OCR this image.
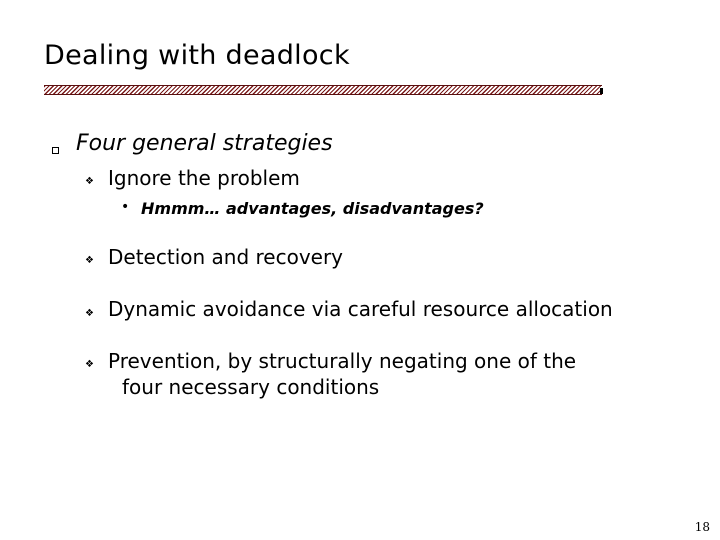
Dealing with deadlock
Four general strategies
❖ Ignore the problem
• Hmmm… advantages, disadvantages?
❖ Detection and recovery
❖ Dynamic avoidance via careful resource allocation
❖ Prevention, by structurally negating one of the
four necessary conditions
18
